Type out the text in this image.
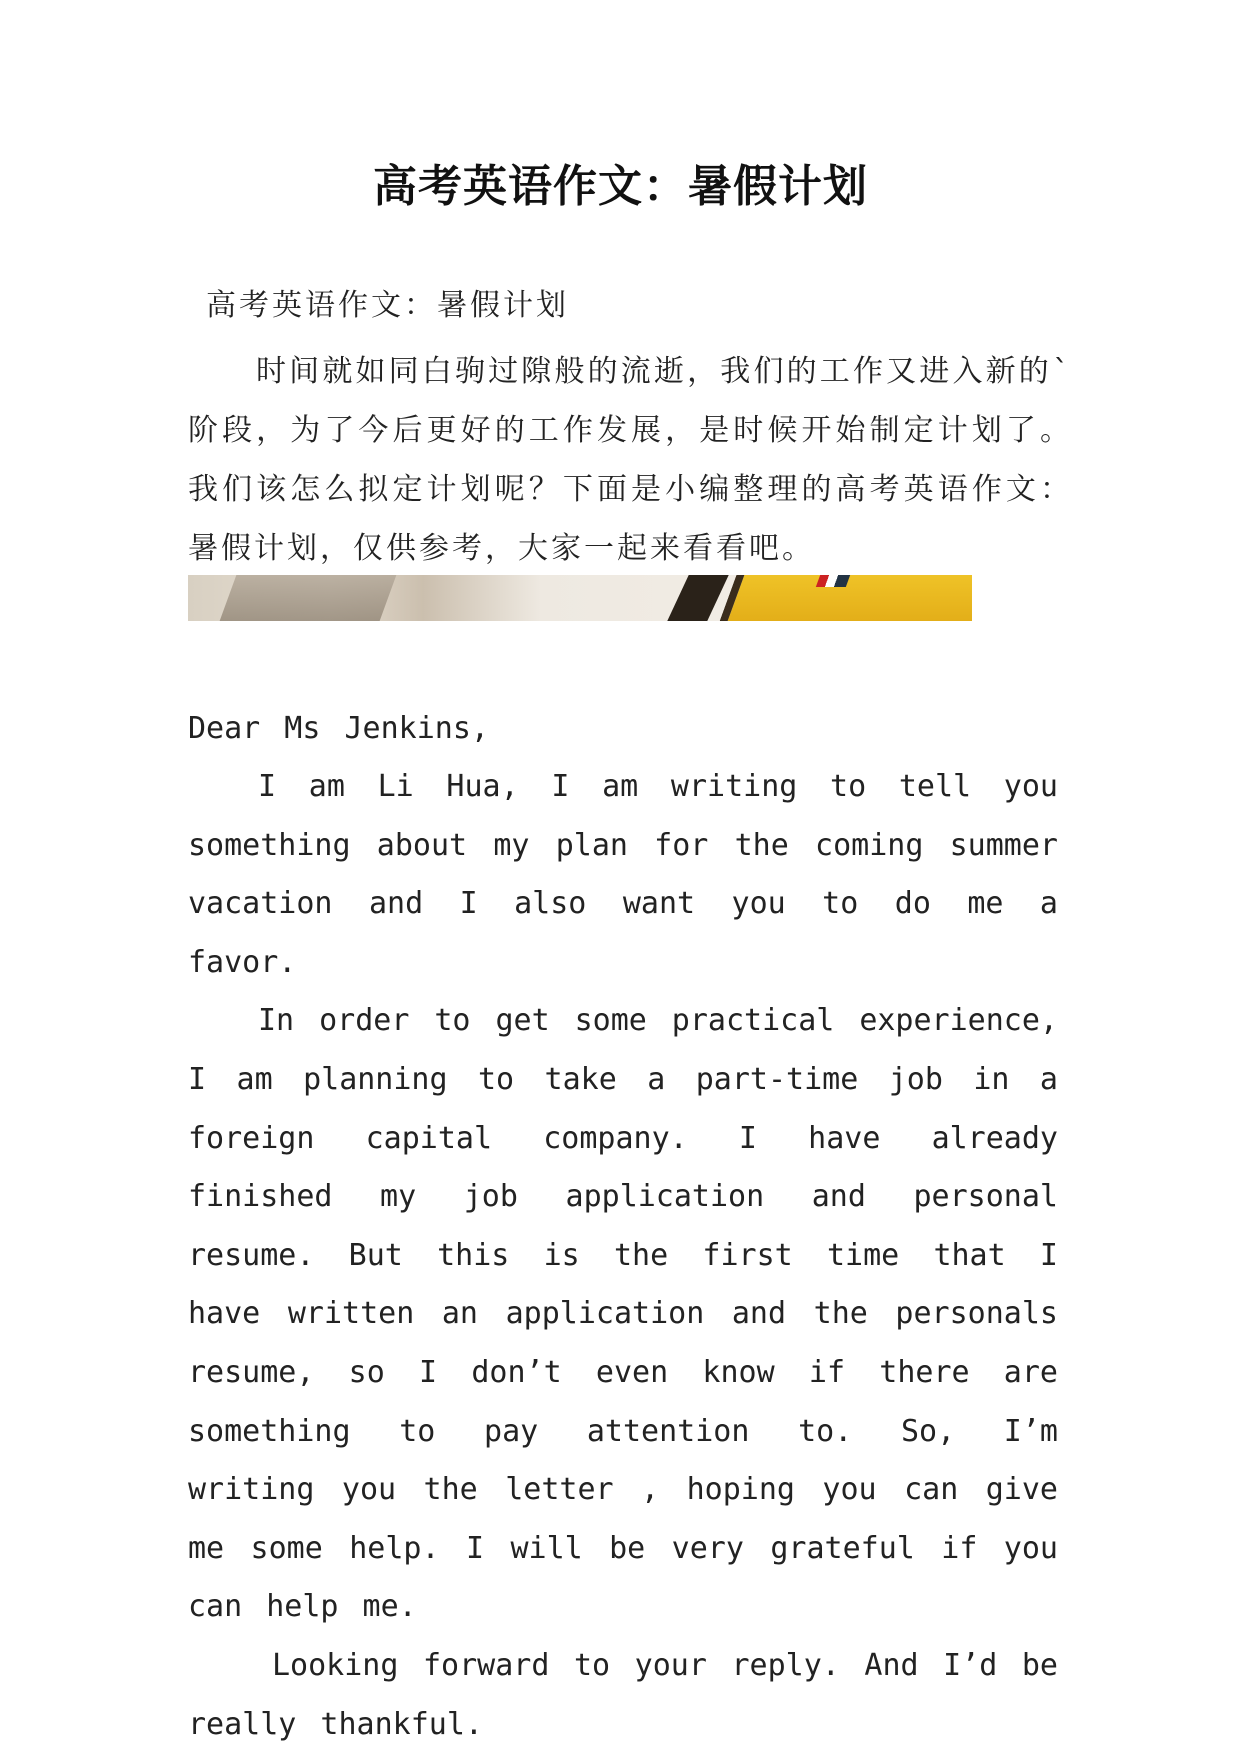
高考英语作文：暑假计划
高考英语作文：暑假计划

时间就如同白驹过隙般的流逝，我们的工作又进入新的`阶段，为了今后更好的工作发展，是时候开始制定计划了。我们该怎么拟定计划呢？下面是小编整理的高考英语作文：暑假计划，仅供参考，大家一起来看看吧。

Dear Ms Jenkins,

I am Li Hua, I am writing to tell you something about my plan for the coming summer vacation and I also want you to do me a favor.

In order to get some practical experience, I am planning to take a part-time job in a foreign capital company. I have already finished my job application and personal resume. But this is the first time that I have written an application and the personals resume, so I don’t even know if there are something to pay attention to. So, I’m writing you the letter , hoping you can give me some help. I will be very grateful if you can help me.

Looking forward to your reply. And I’d be really thankful.
